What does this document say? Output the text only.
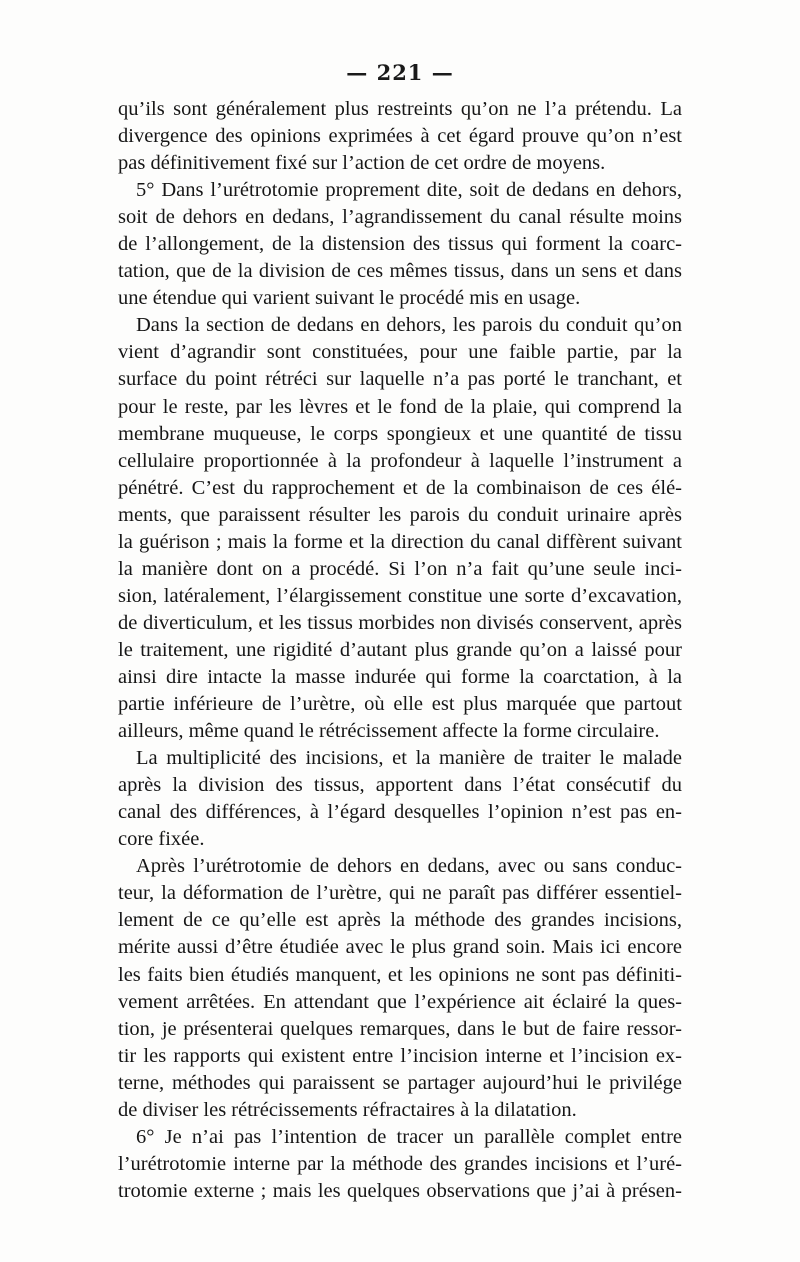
— 221 —
qu’ils sont généralement plus restreints qu’on ne l’a prétendu. La
divergence des opinions exprimées à cet égard prouve qu’on n’est
pas définitivement fixé sur l’action de cet ordre de moyens.
5° Dans l’urétrotomie proprement dite, soit de dedans en dehors,
soit de dehors en dedans, l’agrandissement du canal résulte moins
de l’allongement, de la distension des tissus qui forment la coarc-
tation, que de la division de ces mêmes tissus, dans un sens et dans
une étendue qui varient suivant le procédé mis en usage.
Dans la section de dedans en dehors, les parois du conduit qu’on
vient d’agrandir sont constituées, pour une faible partie, par la
surface du point rétréci sur laquelle n’a pas porté le tranchant, et
pour le reste, par les lèvres et le fond de la plaie, qui comprend la
membrane muqueuse, le corps spongieux et une quantité de tissu
cellulaire proportionnée à la profondeur à laquelle l’instrument a
pénétré. C’est du rapprochement et de la combinaison de ces élé-
ments, que paraissent résulter les parois du conduit urinaire après
la guérison ; mais la forme et la direction du canal diffèrent suivant
la manière dont on a procédé. Si l’on n’a fait qu’une seule inci-
sion, latéralement, l’élargissement constitue une sorte d’excavation,
de diverticulum, et les tissus morbides non divisés conservent, après
le traitement, une rigidité d’autant plus grande qu’on a laissé pour
ainsi dire intacte la masse indurée qui forme la coarctation, à la
partie inférieure de l’urètre, où elle est plus marquée que partout
ailleurs, même quand le rétrécissement affecte la forme circulaire.
La multiplicité des incisions, et la manière de traiter le malade
après la division des tissus, apportent dans l’état consécutif du
canal des différences, à l’égard desquelles l’opinion n’est pas en-
core fixée.
Après l’urétrotomie de dehors en dedans, avec ou sans conduc-
teur, la déformation de l’urètre, qui ne paraît pas différer essentiel-
lement de ce qu’elle est après la méthode des grandes incisions,
mérite aussi d’être étudiée avec le plus grand soin. Mais ici encore
les faits bien étudiés manquent, et les opinions ne sont pas définiti-
vement arrêtées. En attendant que l’expérience ait éclairé la ques-
tion, je présenterai quelques remarques, dans le but de faire ressor-
tir les rapports qui existent entre l’incision interne et l’incision ex-
terne, méthodes qui paraissent se partager aujourd’hui le privilége
de diviser les rétrécissements réfractaires à la dilatation.
6° Je n’ai pas l’intention de tracer un parallèle complet entre
l’urétrotomie interne par la méthode des grandes incisions et l’uré-
trotomie externe ; mais les quelques observations que j’ai à présen-
